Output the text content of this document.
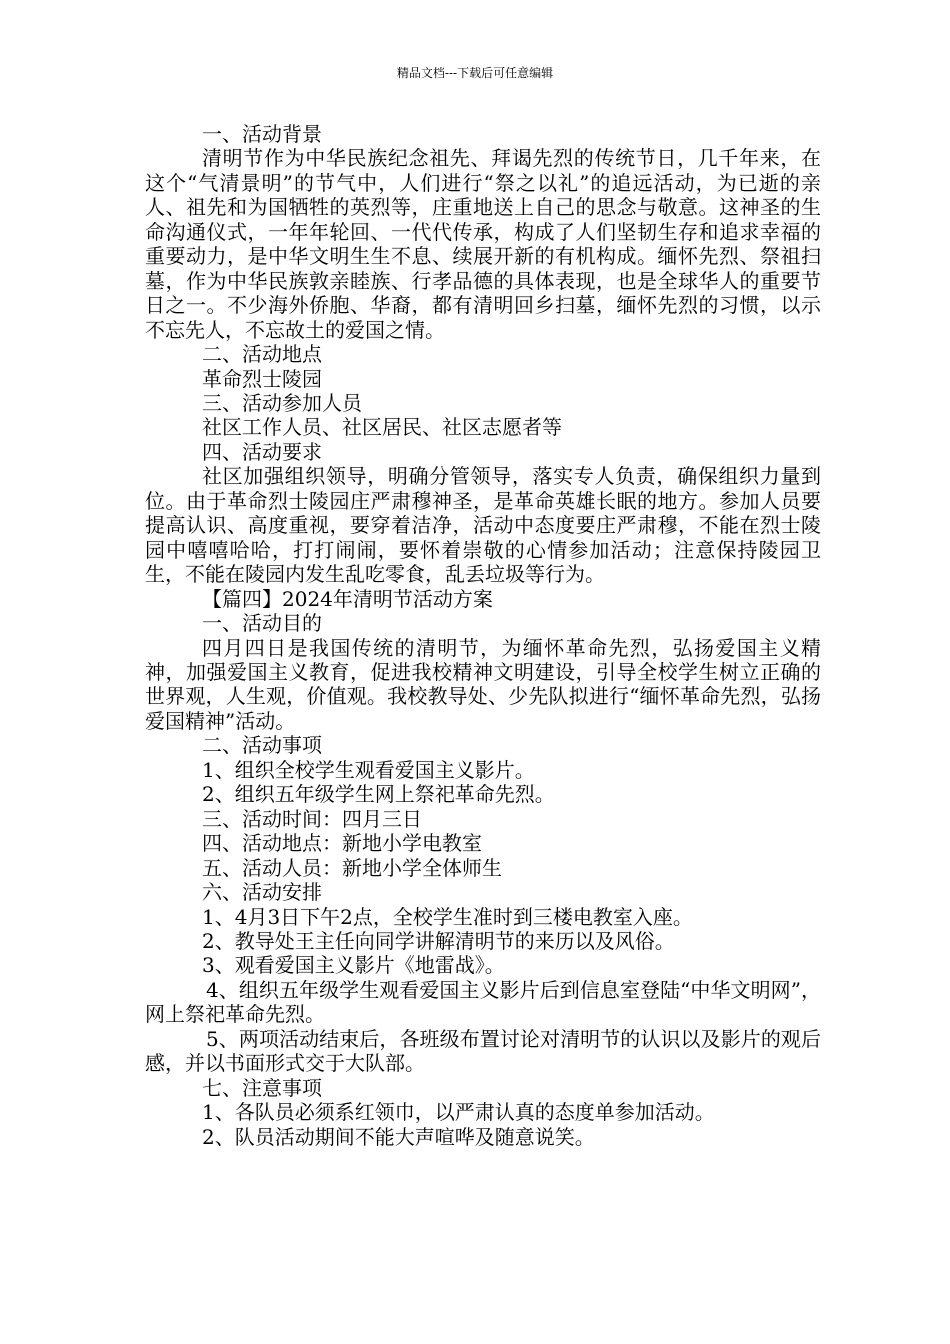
精品文档---下载后可任意编辑

一、活动背景

清明节作为中华民族纪念祖先、拜谒先烈的传统节日，几千年来，在这个“气清景明”的节气中，人们进行“祭之以礼”的追远活动，为已逝的亲人、祖先和为国牺牲的英烈等，庄重地送上自己的思念与敬意。这神圣的生命沟通仪式，一年年轮回、一代代传承，构成了人们坚韧生存和追求幸福的重要动力，是中华文明生生不息、续展开新的有机构成。缅怀先烈、祭祖扫墓，作为中华民族敦亲睦族、行孝品德的具体表现，也是全球华人的重要节日之一。不少海外侨胞、华裔，都有清明回乡扫墓，缅怀先烈的习惯，以示不忘先人，不忘故土的爱国之情。

二、活动地点

革命烈士陵园

三、活动参加人员

社区工作人员、社区居民、社区志愿者等

四、活动要求

社区加强组织领导，明确分管领导，落实专人负责，确保组织力量到位。由于革命烈士陵园庄严肃穆神圣，是革命英雄长眠的地方。参加人员要提高认识、高度重视，要穿着洁净，活动中态度要庄严肃穆，不能在烈士陵园中嘻嘻哈哈，打打闹闹，要怀着崇敬的心情参加活动；注意保持陵园卫生，不能在陵园内发生乱吃零食，乱丢垃圾等行为。

【篇四】2024年清明节活动方案

一、活动目的

四月四日是我国传统的清明节，为缅怀革命先烈，弘扬爱国主义精神，加强爱国主义教育，促进我校精神文明建设，引导全校学生树立正确的世界观，人生观，价值观。我校教导处、少先队拟进行“缅怀革命先烈，弘扬爱国精神”活动。

二、活动事项

1、组织全校学生观看爱国主义影片。

2、组织五年级学生网上祭祀革命先烈。

三、活动时间：四月三日

四、活动地点：新地小学电教室

五、活动人员：新地小学全体师生

六、活动安排

1、4月3日下午2点，全校学生准时到三楼电教室入座。

2、教导处王主任向同学讲解清明节的来历以及风俗。

3、观看爱国主义影片《地雷战》。

4、组织五年级学生观看爱国主义影片后到信息室登陆“中华文明网”，网上祭祀革命先烈。

5、两项活动结束后，各班级布置讨论对清明节的认识以及影片的观后感，并以书面形式交于大队部。

七、注意事项

1、各队员必须系红领巾，以严肃认真的态度单参加活动。

2、队员活动期间不能大声喧哗及随意说笑。
